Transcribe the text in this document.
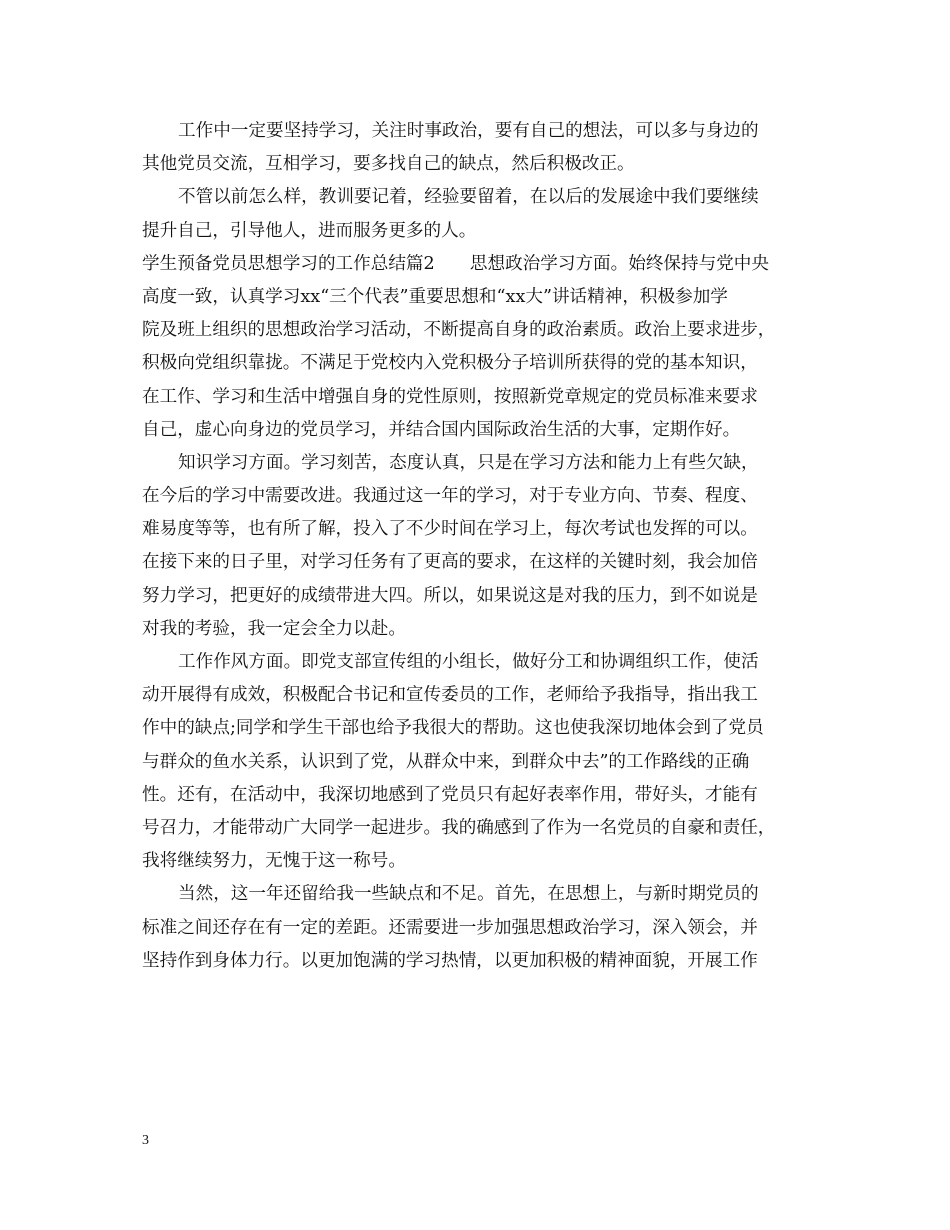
工作中一定要坚持学习，关注时事政治，要有自己的想法，可以多与身边的
其他党员交流，互相学习，要多找自己的缺点，然后积极改正。
不管以前怎么样，教训要记着，经验要留着，在以后的发展途中我们要继续
提升自己，引导他人，进而服务更多的人。
学生预备党员思想学习的工作总结篇2　　思想政治学习方面。始终保持与党中央
高度一致，认真学习xx“三个代表”重要思想和“xx大”讲话精神，积极参加学
院及班上组织的思想政治学习活动，不断提高自身的政治素质。政治上要求进步，
积极向党组织靠拢。不满足于党校内入党积极分子培训所获得的党的基本知识，
在工作、学习和生活中增强自身的党性原则，按照新党章规定的党员标准来要求
自己，虚心向身边的党员学习，并结合国内国际政治生活的大事，定期作好。
知识学习方面。学习刻苦，态度认真，只是在学习方法和能力上有些欠缺，
在今后的学习中需要改进。我通过这一年的学习，对于专业方向、节奏、程度、
难易度等等，也有所了解，投入了不少时间在学习上，每次考试也发挥的可以。
在接下来的日子里，对学习任务有了更高的要求，在这样的关键时刻，我会加倍
努力学习，把更好的成绩带进大四。所以，如果说这是对我的压力，到不如说是
对我的考验，我一定会全力以赴。
工作作风方面。即党支部宣传组的小组长，做好分工和协调组织工作，使活
动开展得有成效，积极配合书记和宣传委员的工作，老师给予我指导，指出我工
作中的缺点;同学和学生干部也给予我很大的帮助。这也使我深切地体会到了党员
与群众的鱼水关系，认识到了党，从群众中来，到群众中去”的工作路线的正确
性。还有，在活动中，我深切地感到了党员只有起好表率作用，带好头，才能有
号召力，才能带动广大同学一起进步。我的确感到了作为一名党员的自豪和责任，
我将继续努力，无愧于这一称号。
当然，这一年还留给我一些缺点和不足。首先，在思想上，与新时期党员的
标准之间还存在有一定的差距。还需要进一步加强思想政治学习，深入领会，并
坚持作到身体力行。以更加饱满的学习热情，以更加积极的精神面貌，开展工作
3
